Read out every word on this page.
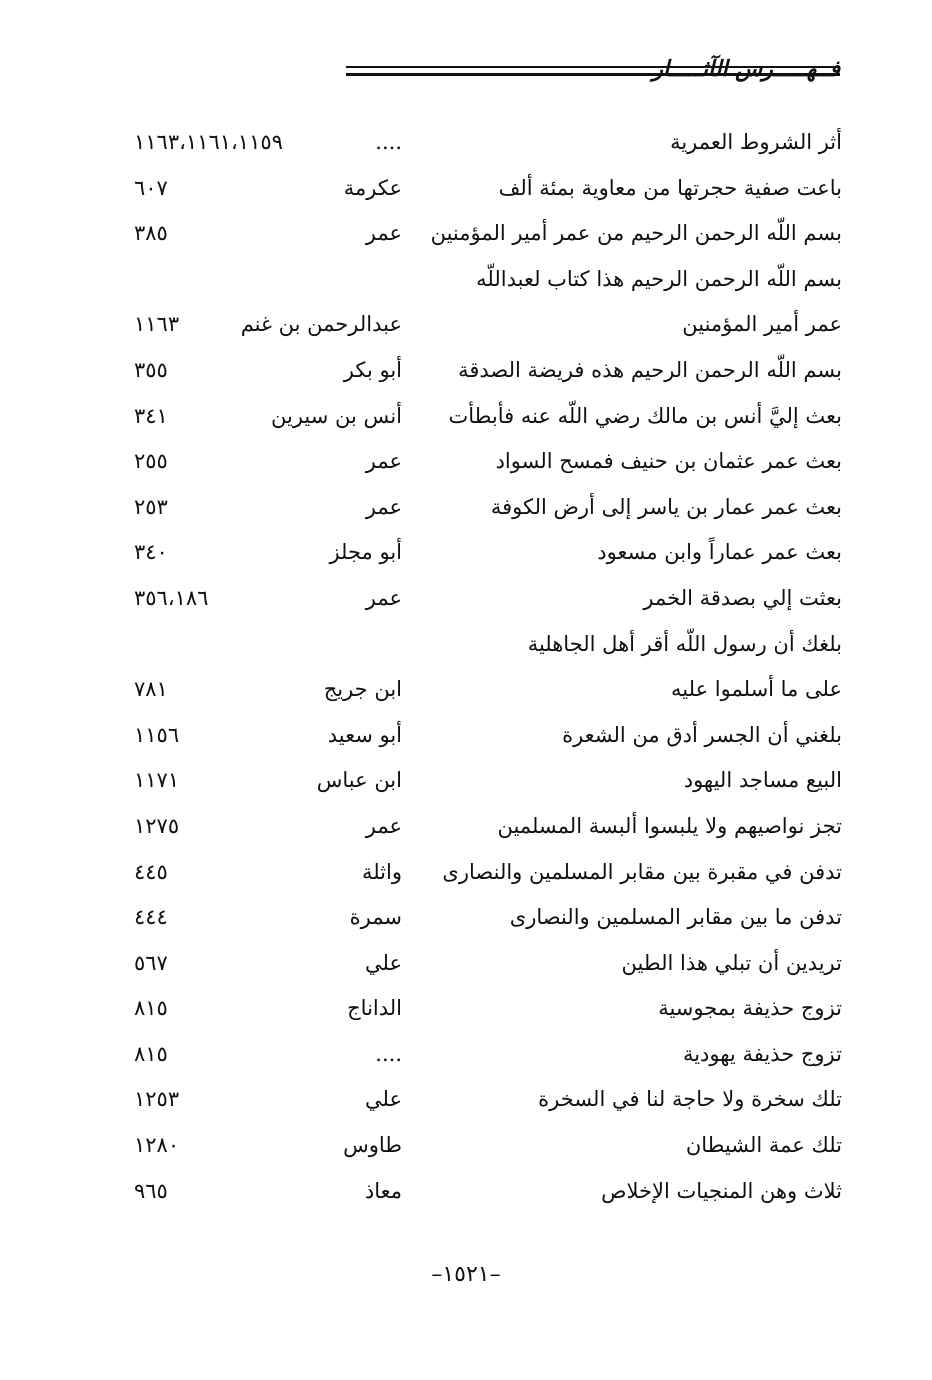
فــهـــــرس الآثـــــار
أثر الشروط العمرية
....
١١٦٣،١١٦١،١١٥٩
باعت صفية حجرتها من معاوية بمئة ألف
عكرمة
٦٠٧
بسم اللّه الرحمن الرحيم من عمر أمير المؤمنين
عمر
٣٨٥
بسم اللّه الرحمن الرحيم هذا كتاب لعبداللّه
عمر أمير المؤمنين
عبدالرحمن بن غنم
١١٦٣
بسم اللّه الرحمن الرحيم هذه فريضة الصدقة
أبو بكر
٣٥٥
بعث إليَّ أنس بن مالك رضي اللّه عنه فأبطأت
أنس بن سيرين
٣٤١
بعث عمر عثمان بن حنيف فمسح السواد
عمر
٢٥٥
بعث عمر عمار بن ياسر إلى أرض الكوفة
عمر
٢٥٣
بعث عمر عماراً وابن مسعود
أبو مجلز
٣٤٠
بعثت إلي بصدقة الخمر
عمر
٣٥٦،١٨٦
بلغك أن رسول اللّه أقر أهل الجاهلية
على ما أسلموا عليه
ابن جريج
٧٨١
بلغني أن الجسر أدق من الشعرة
أبو سعيد
١١٥٦
البيع مساجد اليهود
ابن عباس
١١٧١
تجز نواصيهم ولا يلبسوا ألبسة المسلمين
عمر
١٢٧٥
تدفن في مقبرة بين مقابر المسلمين والنصارى
واثلة
٤٤٥
تدفن ما بين مقابر المسلمين والنصارى
سمرة
٤٤٤
تريدين أن تبلي هذا الطين
علي
٥٦٧
تزوج حذيفة بمجوسية
الداناج
٨١٥
تزوج حذيفة يهودية
....
٨١٥
تلك سخرة ولا حاجة لنا في السخرة
علي
١٢٥٣
تلك عمة الشيطان
طاوس
١٢٨٠
ثلاث وهن المنجيات الإخلاص
معاذ
٩٦٥
–١٥٢١–
